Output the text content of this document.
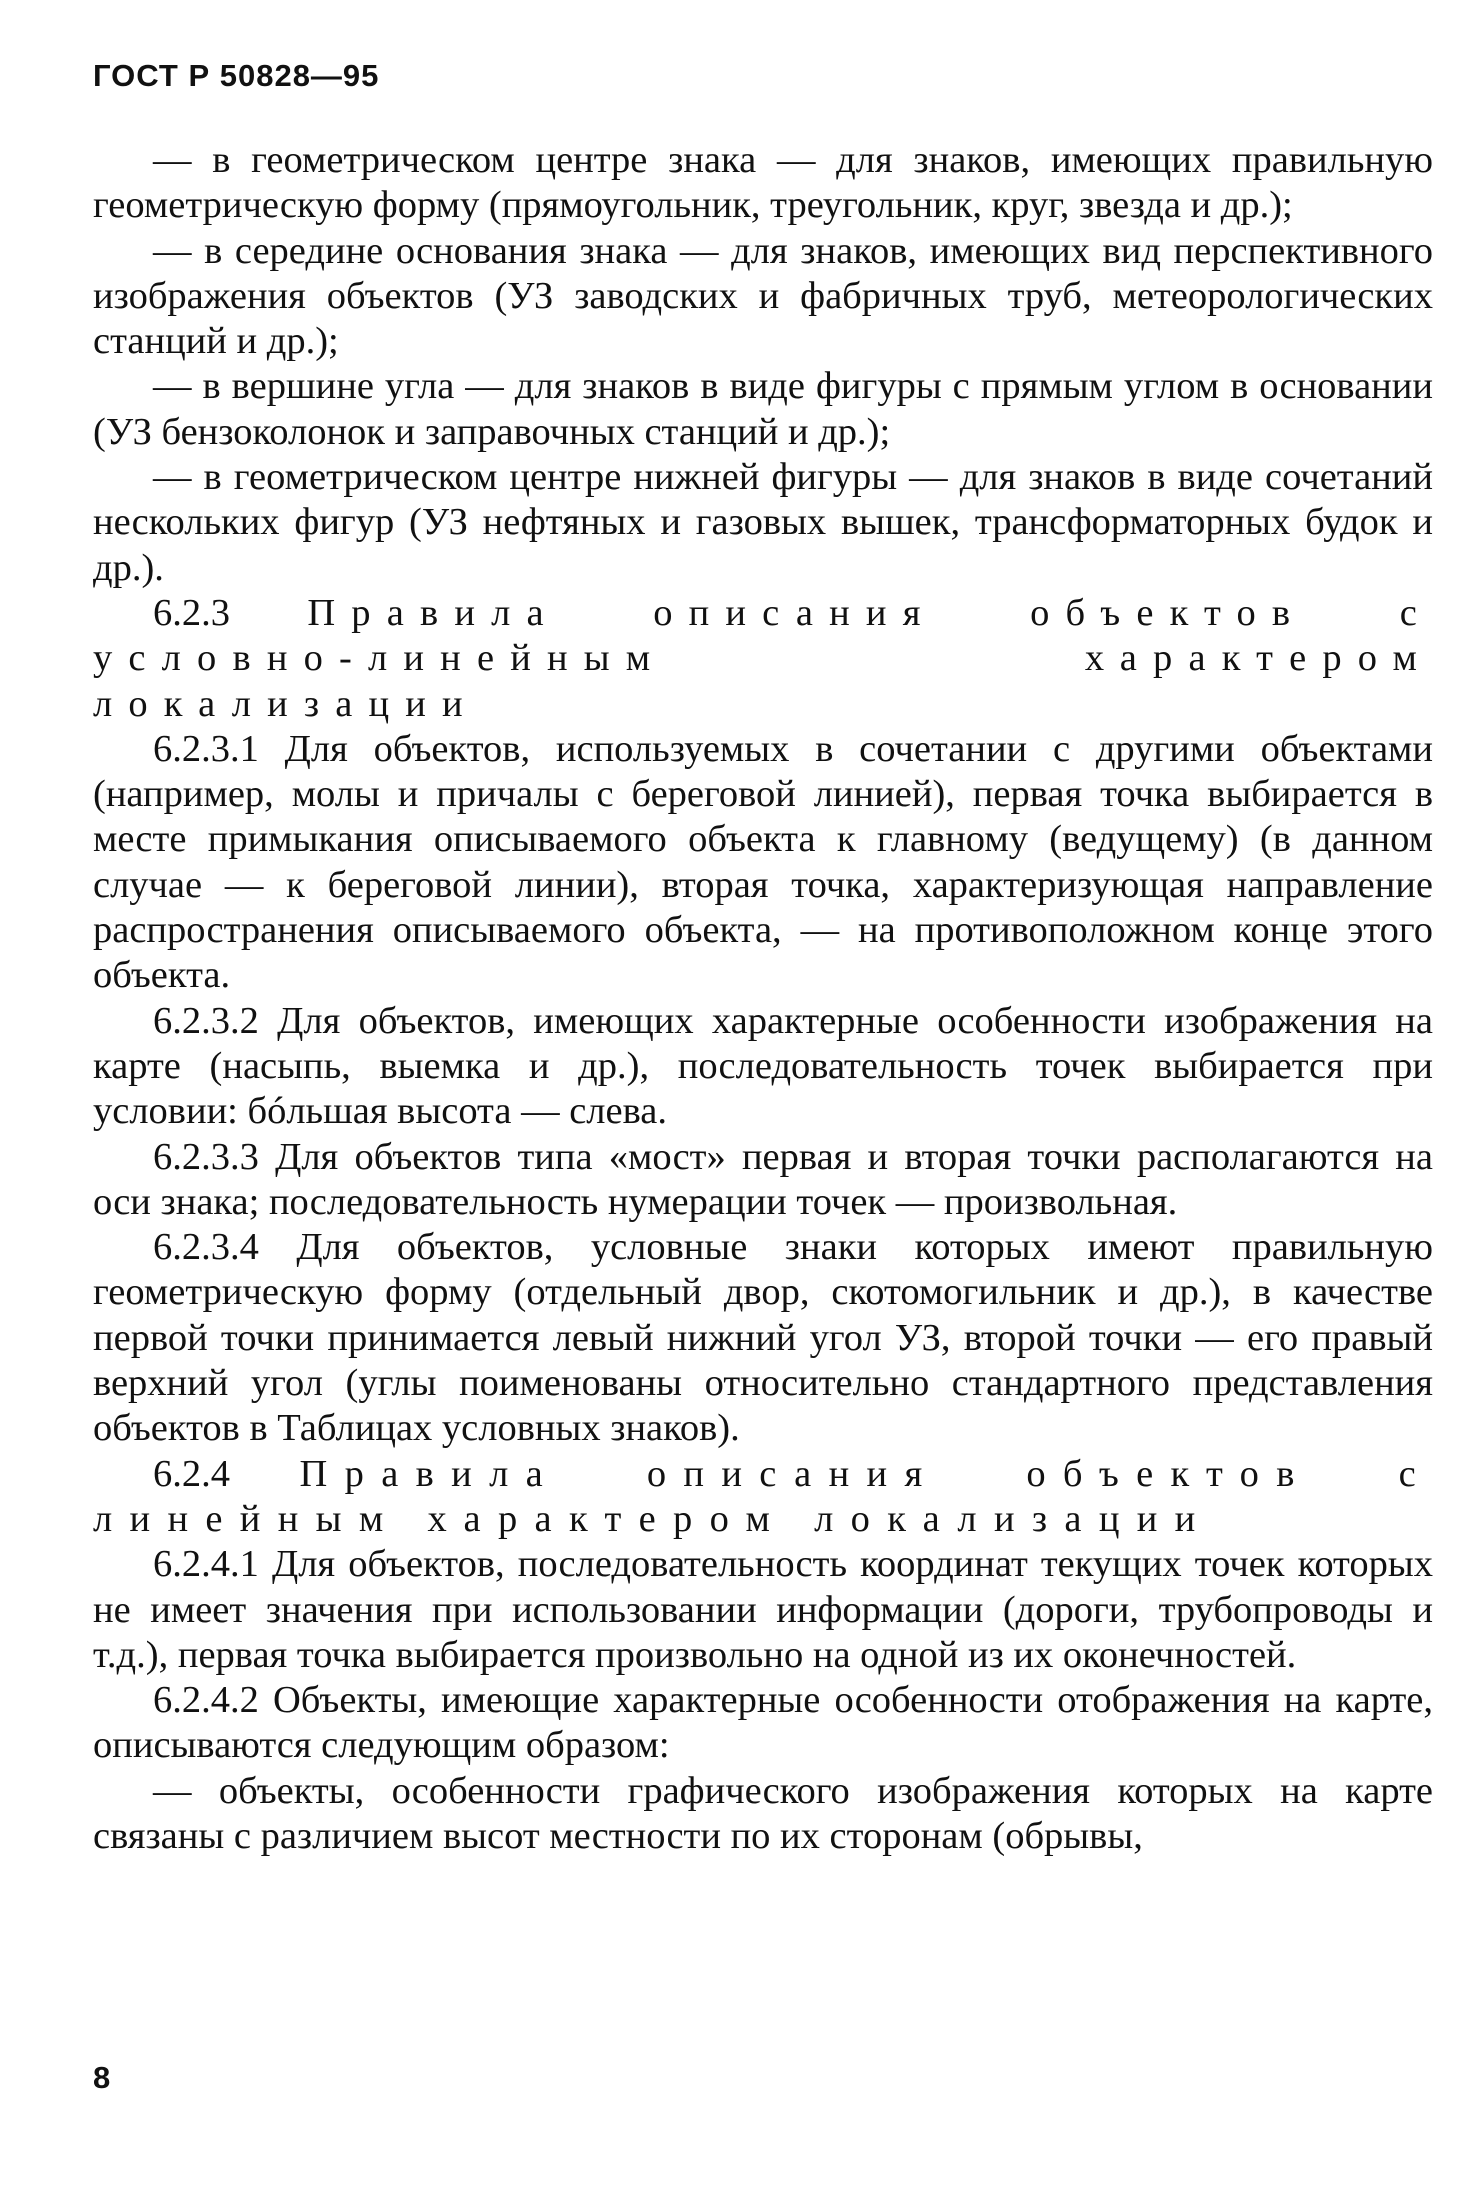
ГОСТ Р 50828—95

— в геометрическом центре знака — для знаков, имеющих правильную геометрическую форму (прямоугольник, треугольник, круг, звезда и др.);

— в середине основания знака — для знаков, имеющих вид перспективного изображения объектов (УЗ заводских и фабричных труб, метеорологических станций и др.);

— в вершине угла — для знаков в виде фигуры с прямым углом в основании (УЗ бензоколонок и заправочных станций и др.);

— в геометрическом центре нижней фигуры — для знаков в виде сочетаний нескольких фигур (УЗ нефтяных и газовых вышек, трансформаторных будок и др.).

6.2.3 Правила описания объектов с условно-линейным характером локализации

6.2.3.1 Для объектов, используемых в сочетании с другими объектами (например, молы и причалы с береговой линией), первая точка выбирается в месте примыкания описываемого объекта к главному (ведущему) (в данном случае — к береговой линии), вторая точка, характеризующая направление распространения описываемого объекта, — на противоположном конце этого объекта.

6.2.3.2 Для объектов, имеющих характерные особенности изображения на карте (насыпь, выемка и др.), последовательность точек выбирается при условии: бóльшая высота — слева.

6.2.3.3 Для объектов типа «мост» первая и вторая точки располагаются на оси знака; последовательность нумерации точек — произвольная.

6.2.3.4 Для объектов, условные знаки которых имеют правильную геометрическую форму (отдельный двор, скотомогильник и др.), в качестве первой точки принимается левый нижний угол УЗ, второй точки — его правый верхний угол (углы поименованы относительно стандартного представления объектов в Таблицах условных знаков).

6.2.4 Правила описания объектов с линейным характером локализации

6.2.4.1 Для объектов, последовательность координат текущих точек которых не имеет значения при использовании информации (дороги, трубопроводы и т.д.), первая точка выбирается произвольно на одной из их оконечностей.

6.2.4.2 Объекты, имеющие характерные особенности отображения на карте, описываются следующим образом:

— объекты, особенности графического изображения которых на карте связаны с различием высот местности по их сторонам (обрывы,

8
